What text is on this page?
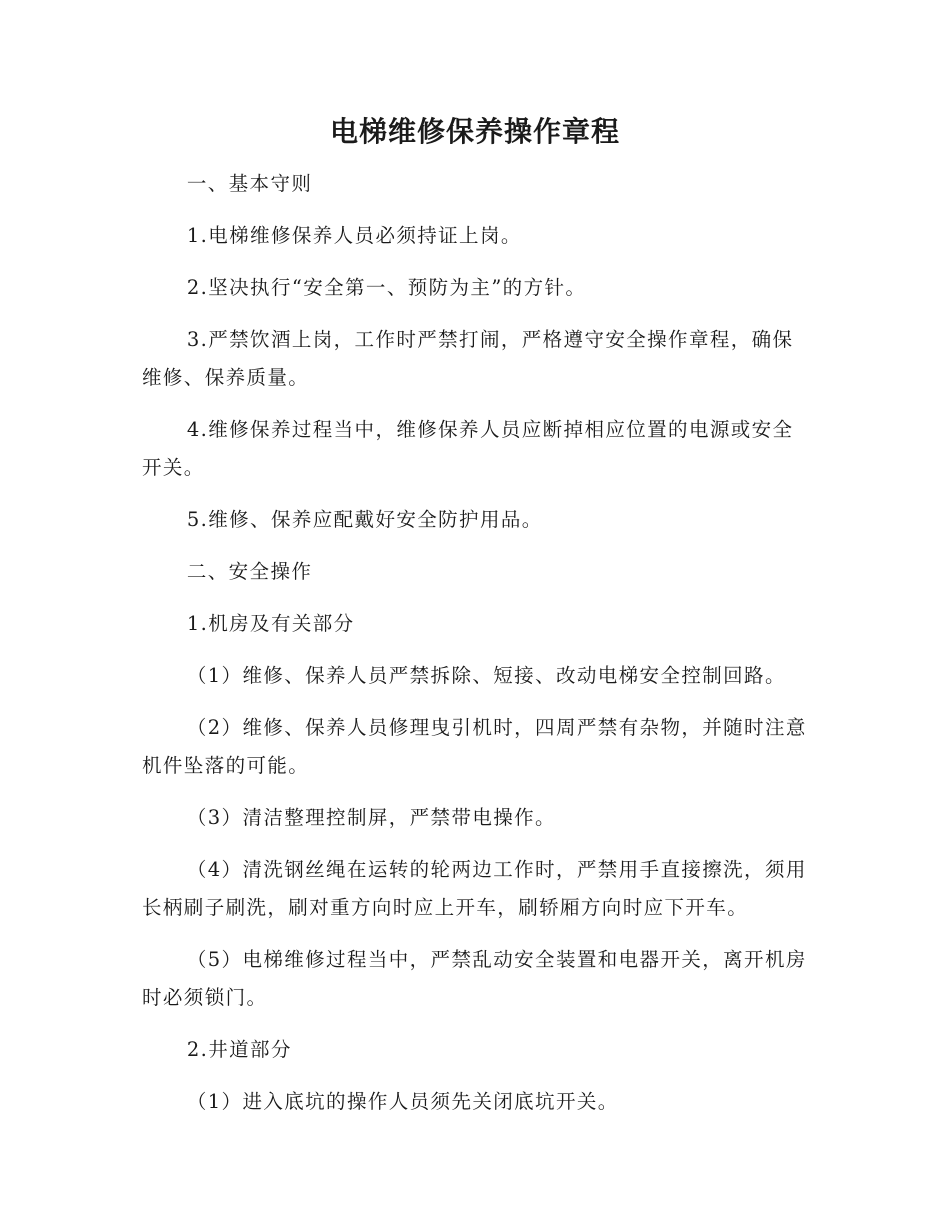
电梯维修保养操作章程

一、基本守则

1.电梯维修保养人员必须持证上岗。

2.坚决执行“安全第一、预防为主”的方针。

3.严禁饮酒上岗，工作时严禁打闹，严格遵守安全操作章程，确保维修、保养质量。

4.维修保养过程当中，维修保养人员应断掉相应位置的电源或安全开关。

5.维修、保养应配戴好安全防护用品。

二、安全操作

1.机房及有关部分

（1）维修、保养人员严禁拆除、短接、改动电梯安全控制回路。

（2）维修、保养人员修理曳引机时，四周严禁有杂物，并随时注意机件坠落的可能。

（3）清洁整理控制屏，严禁带电操作。

（4）清洗钢丝绳在运转的轮两边工作时，严禁用手直接擦洗，须用长柄刷子刷洗，刷对重方向时应上开车，刷轿厢方向时应下开车。

（5）电梯维修过程当中，严禁乱动安全装置和电器开关，离开机房时必须锁门。

2.井道部分

（1）进入底坑的操作人员须先关闭底坑开关。
